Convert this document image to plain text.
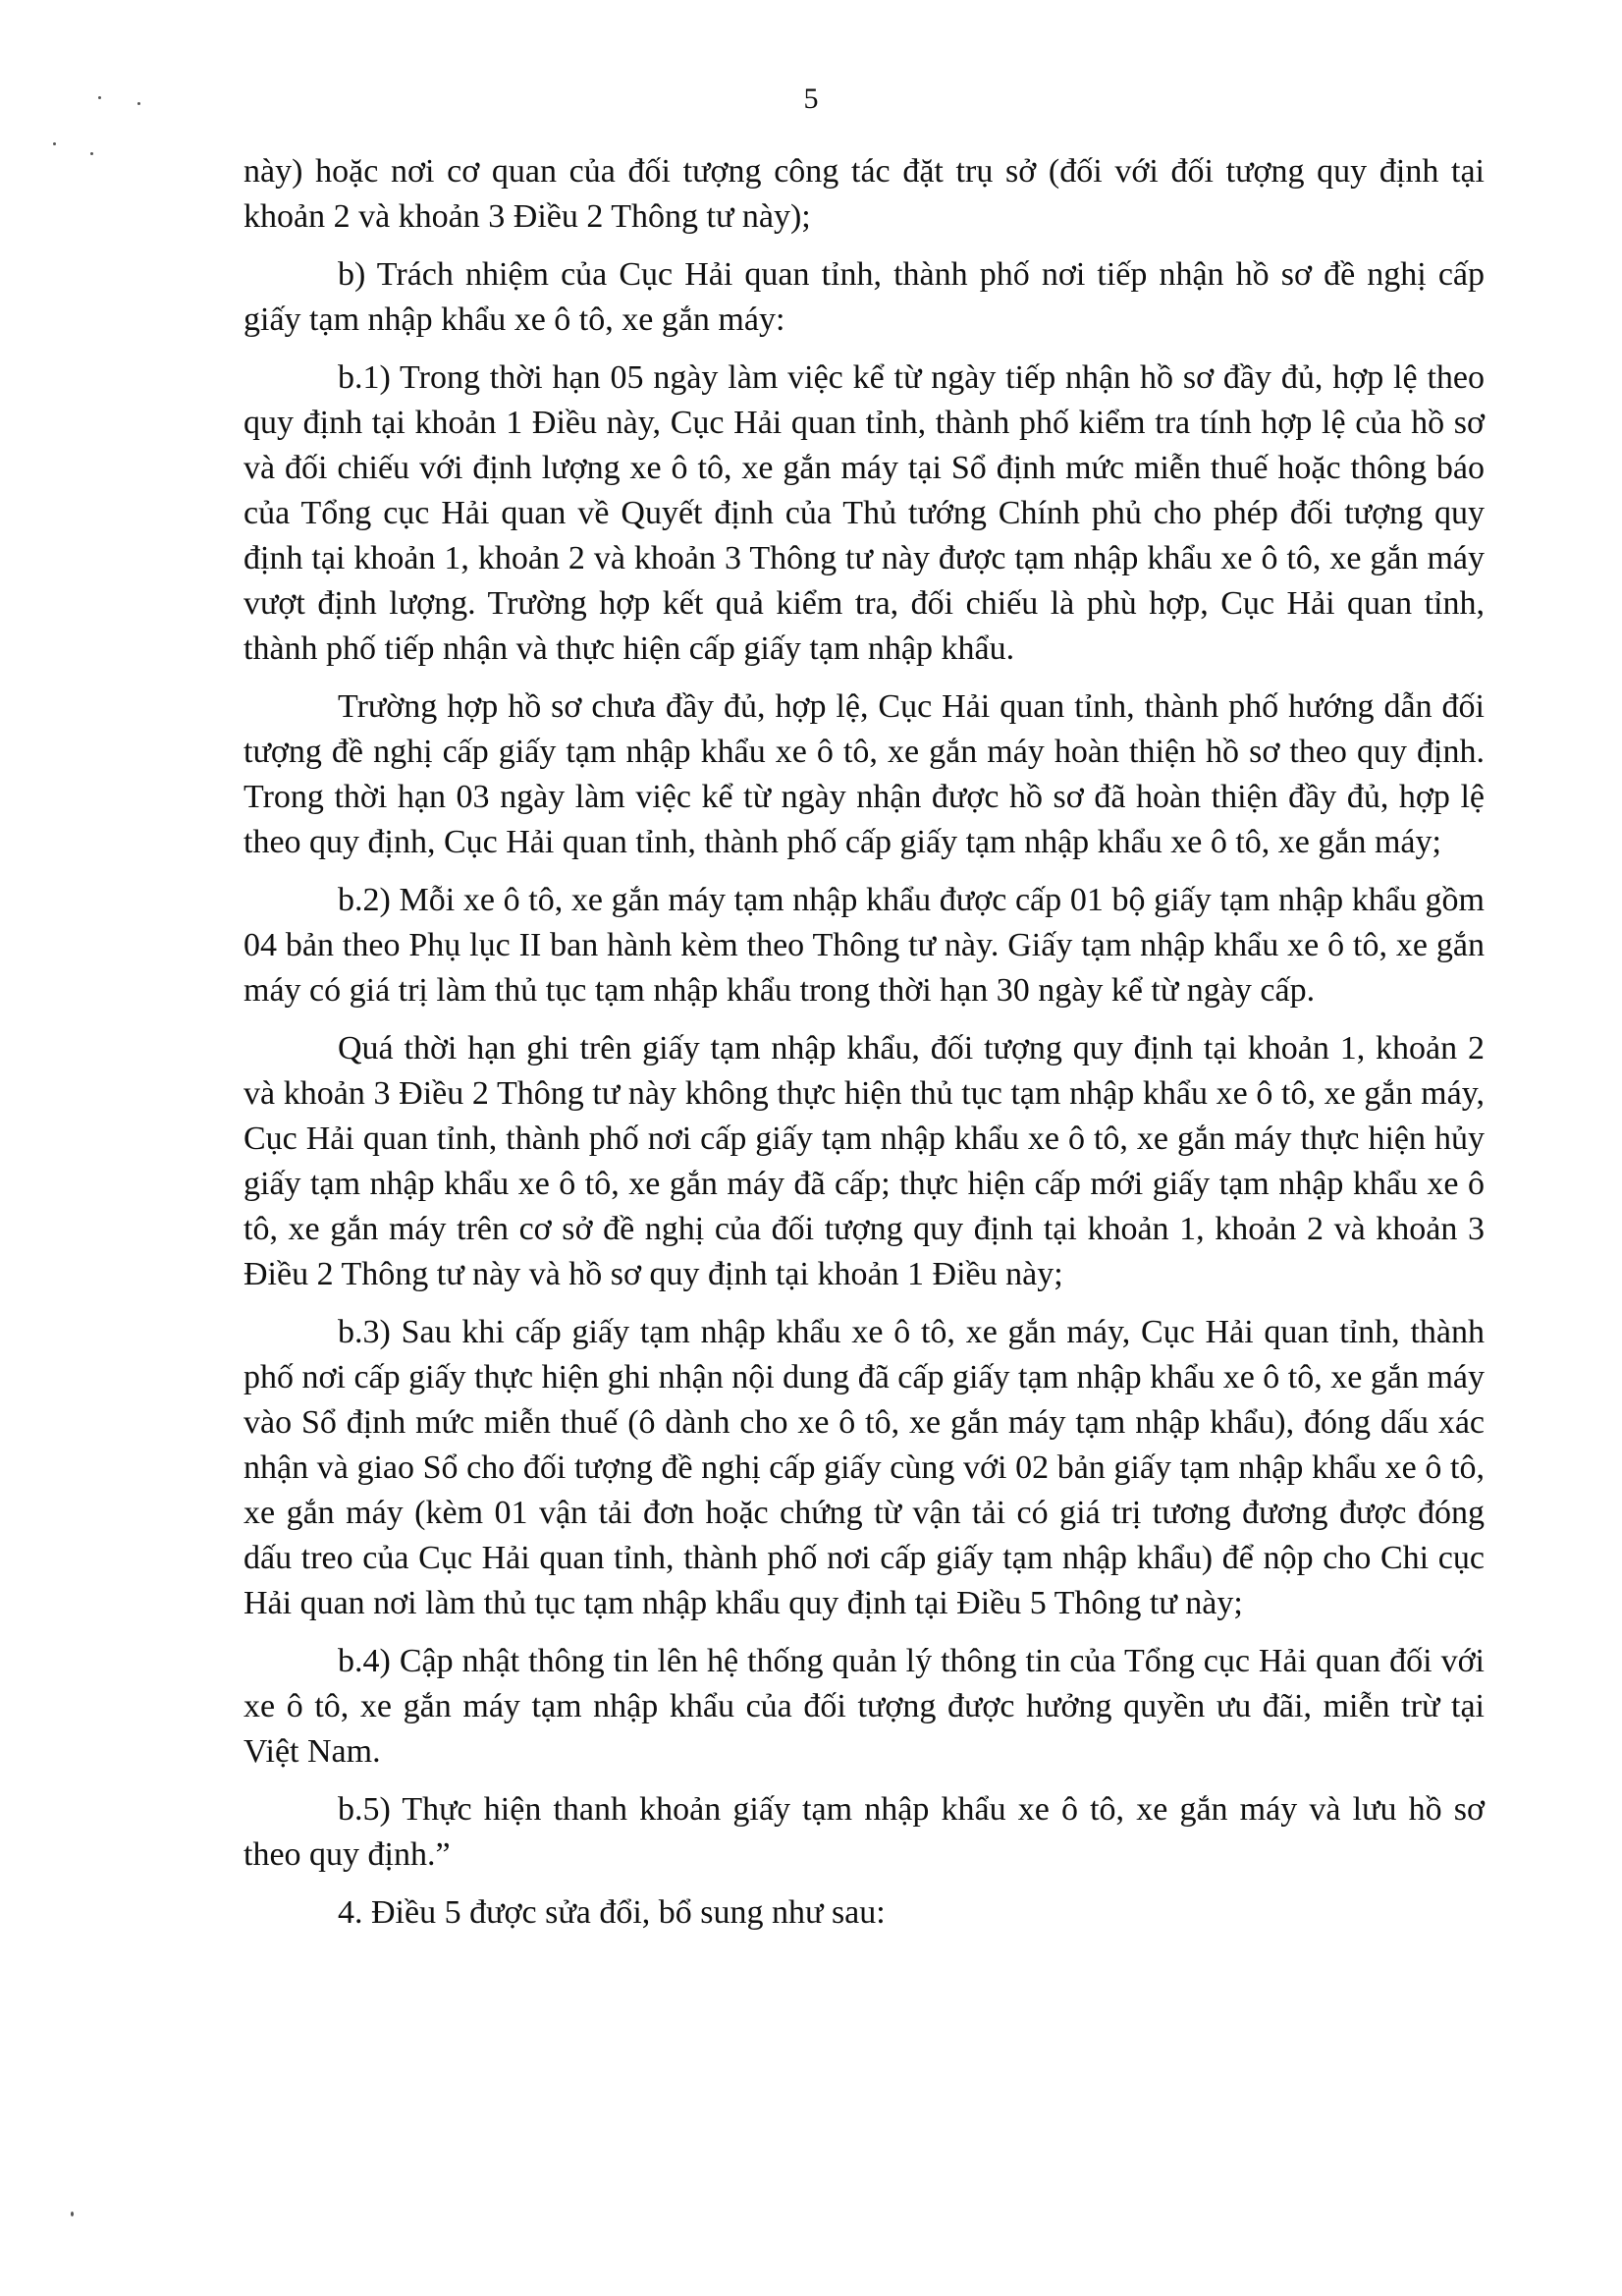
5

này) hoặc nơi cơ quan của đối tượng công tác đặt trụ sở (đối với đối tượng quy định tại khoản 2 và khoản 3 Điều 2 Thông tư này);

b) Trách nhiệm của Cục Hải quan tỉnh, thành phố nơi tiếp nhận hồ sơ đề nghị cấp giấy tạm nhập khẩu xe ô tô, xe gắn máy:

b.1) Trong thời hạn 05 ngày làm việc kể từ ngày tiếp nhận hồ sơ đầy đủ, hợp lệ theo quy định tại khoản 1 Điều này, Cục Hải quan tỉnh, thành phố kiểm tra tính hợp lệ của hồ sơ và đối chiếu với định lượng xe ô tô, xe gắn máy tại Sổ định mức miễn thuế hoặc thông báo của Tổng cục Hải quan về Quyết định của Thủ tướng Chính phủ cho phép đối tượng quy định tại khoản 1, khoản 2 và khoản 3 Thông tư này được tạm nhập khẩu xe ô tô, xe gắn máy vượt định lượng. Trường hợp kết quả kiểm tra, đối chiếu là phù hợp, Cục Hải quan tỉnh, thành phố tiếp nhận và thực hiện cấp giấy tạm nhập khẩu.

Trường hợp hồ sơ chưa đầy đủ, hợp lệ, Cục Hải quan tỉnh, thành phố hướng dẫn đối tượng đề nghị cấp giấy tạm nhập khẩu xe ô tô, xe gắn máy hoàn thiện hồ sơ theo quy định. Trong thời hạn 03 ngày làm việc kể từ ngày nhận được hồ sơ đã hoàn thiện đầy đủ, hợp lệ theo quy định, Cục Hải quan tỉnh, thành phố cấp giấy tạm nhập khẩu xe ô tô, xe gắn máy;

b.2) Mỗi xe ô tô, xe gắn máy tạm nhập khẩu được cấp 01 bộ giấy tạm nhập khẩu gồm 04 bản theo Phụ lục II ban hành kèm theo Thông tư này. Giấy tạm nhập khẩu xe ô tô, xe gắn máy có giá trị làm thủ tục tạm nhập khẩu trong thời hạn 30 ngày kể từ ngày cấp.

Quá thời hạn ghi trên giấy tạm nhập khẩu, đối tượng quy định tại khoản 1, khoản 2 và khoản 3 Điều 2 Thông tư này không thực hiện thủ tục tạm nhập khẩu xe ô tô, xe gắn máy, Cục Hải quan tỉnh, thành phố nơi cấp giấy tạm nhập khẩu xe ô tô, xe gắn máy thực hiện hủy giấy tạm nhập khẩu xe ô tô, xe gắn máy đã cấp; thực hiện cấp mới giấy tạm nhập khẩu xe ô tô, xe gắn máy trên cơ sở đề nghị của đối tượng quy định tại khoản 1, khoản 2 và khoản 3 Điều 2 Thông tư này và hồ sơ quy định tại khoản 1 Điều này;

b.3) Sau khi cấp giấy tạm nhập khẩu xe ô tô, xe gắn máy, Cục Hải quan tỉnh, thành phố nơi cấp giấy thực hiện ghi nhận nội dung đã cấp giấy tạm nhập khẩu xe ô tô, xe gắn máy vào Sổ định mức miễn thuế (ô dành cho xe ô tô, xe gắn máy tạm nhập khẩu), đóng dấu xác nhận và giao Sổ cho đối tượng đề nghị cấp giấy cùng với 02 bản giấy tạm nhập khẩu xe ô tô, xe gắn máy (kèm 01 vận tải đơn hoặc chứng từ vận tải có giá trị tương đương được đóng dấu treo của Cục Hải quan tỉnh, thành phố nơi cấp giấy tạm nhập khẩu) để nộp cho Chi cục Hải quan nơi làm thủ tục tạm nhập khẩu quy định tại Điều 5 Thông tư này;

b.4) Cập nhật thông tin lên hệ thống quản lý thông tin của Tổng cục Hải quan đối với xe ô tô, xe gắn máy tạm nhập khẩu của đối tượng được hưởng quyền ưu đãi, miễn trừ tại Việt Nam.

b.5) Thực hiện thanh khoản giấy tạm nhập khẩu xe ô tô, xe gắn máy và lưu hồ sơ theo quy định.”

4. Điều 5 được sửa đổi, bổ sung như sau:
